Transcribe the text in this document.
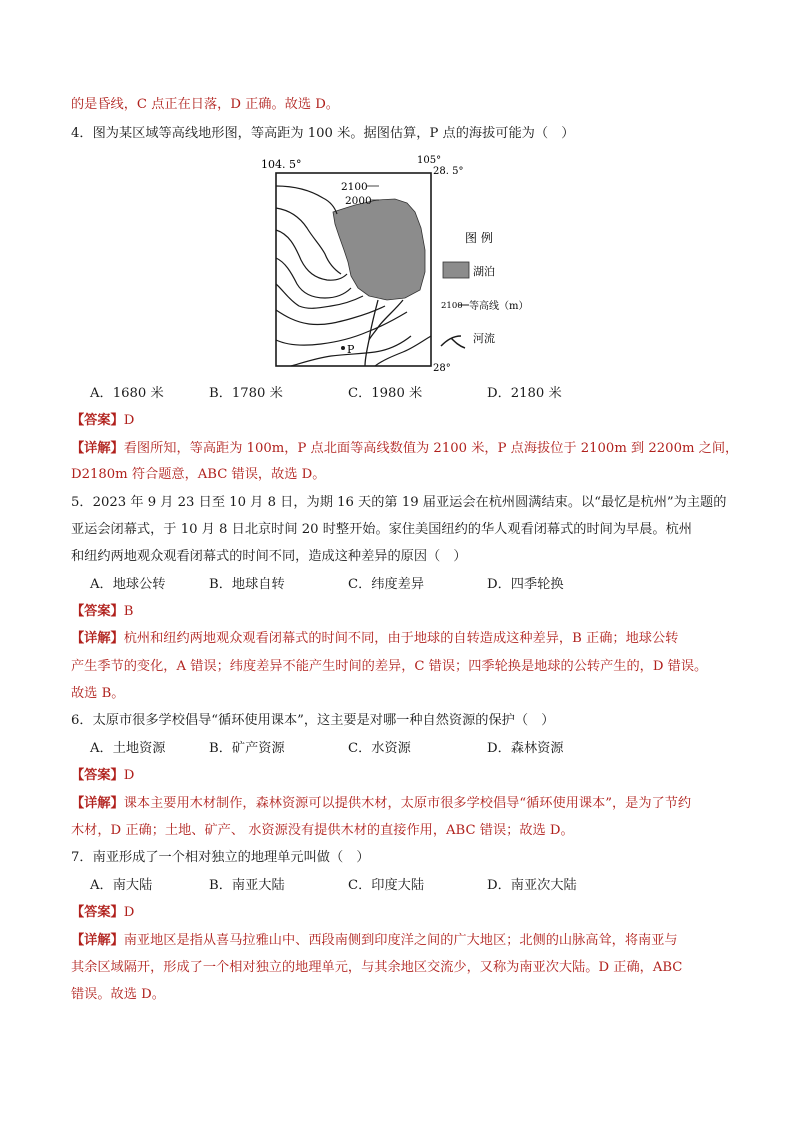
的是昏线，C 点正在日落，D 正确。故选 D。
4．图为某区域等高线地形图，等高距为 100 米。据图估算，P 点的海拔可能为（　）
P
2100
2000
104. 5°	105°
28. 5°
28°
图 例
湖泊
2100 等高线（m）
河流
A．1680 米	B．1780 米	C．1980 米	D．2180 米
【答案】D
【详解】看图所知，等高距为 100m，P 点北面等高线数值为 2100 米，P 点海拔位于 2100m 到 2200m 之间，
D2180m 符合题意，ABC 错误，故选 D。
5．2023 年 9 月 23 日至 10 月 8 日，为期 16 天的第 19 届亚运会在杭州圆满结束。以“最忆是杭州”为主题的
亚运会闭幕式，于 10 月 8 日北京时间 20 时整开始。家住美国纽约的华人观看闭幕式的时间为早晨。杭州
和纽约两地观众观看闭幕式的时间不同，造成这种差异的原因（　）
A．地球公转	B．地球自转	C．纬度差异	D．四季轮换
【答案】B
【详解】杭州和纽约两地观众观看闭幕式的时间不同，由于地球的自转造成这种差异，B 正确；地球公转
产生季节的变化，A 错误；纬度差异不能产生时间的差异，C 错误；四季轮换是地球的公转产生的，D 错误。
故选 B。
6．太原市很多学校倡导“循环使用课本”，这主要是对哪一种自然资源的保护（　）
A．土地资源	B．矿产资源	C．水资源	D．森林资源
【答案】D
【详解】课本主要用木材制作，森林资源可以提供木材，太原市很多学校倡导“循环使用课本”，是为了节约
木材，D 正确；土地、矿产、 水资源没有提供木材的直接作用，ABC 错误；故选 D。
7．南亚形成了一个相对独立的地理单元叫做（　）
A．南大陆	B．南亚大陆	C．印度大陆	D．南亚次大陆
【答案】D
【详解】南亚地区是指从喜马拉雅山中、西段南侧到印度洋之间的广大地区；北侧的山脉高耸，将南亚与
其余区域隔开，形成了一个相对独立的地理单元，与其余地区交流少，又称为南亚次大陆。D 正确，ABC
错误。故选 D。
